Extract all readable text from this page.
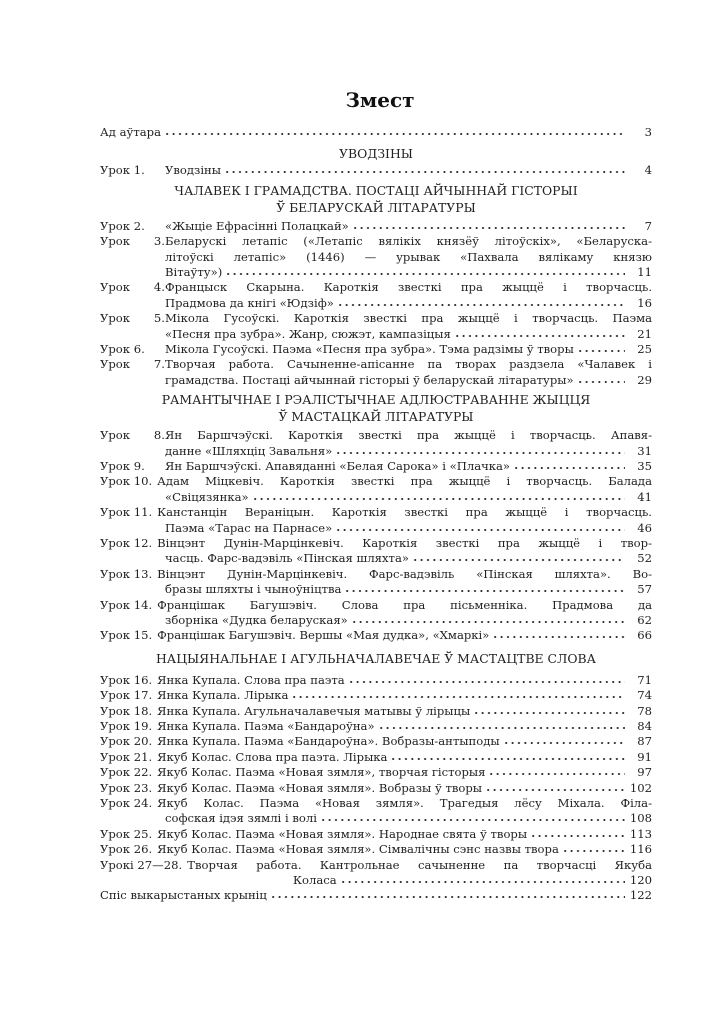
Змест
Ад аўтара	3
УВОДЗІНЫ
Урок 1.	Уводзіны	4
ЧАЛАВЕК І ГРАМАДСТВА. ПОСТАЦІ АЙЧЫННАЙ ГІСТОРЫІ
Ў БЕЛАРУСКАЙ ЛІТАРАТУРЫ
Урок 2.	«Жыціе Ефрасінні Полацкай»	7
Урок 3.Беларускі летапіс («Летапіс вялікіх князёў літоўскіх», «Беларуска-
літоўскі летапіс» (1446) — урывак «Пахвала вялікаму князю
Вітаўту»)	11
Урок 4.Францыск Скарына. Кароткія звесткі пра жыццё і творчасць.
Прадмова да кнігі «Юдзіф»	16
Урок 5.Мікола Гусоўскі. Кароткія звесткі пра жыццё і творчасць. Паэма
«Песня пра зубра». Жанр, сюжэт, кампазіцыя	21
Урок 6.	Мікола Гусоўскі. Паэма «Песня пра зубра». Тэма радзімы ў творы	25
Урок 7.Творчая работа. Сачыненне-апісанне па творах раздзела «Чалавек і
грамадства. Постаці айчыннай гісторыі ў беларускай літаратуры»	29
РАМАНТЫЧНАЕ І РЭАЛІСТЫЧНАЕ АДЛЮСТРАВАННЕ ЖЫЦЦЯ
Ў МАСТАЦКАЙ ЛІТАРАТУРЫ
Урок 8.Ян Баршчэўскі. Кароткія звесткі пра жыццё і творчасць. Апавя-
данне «Шляхціц Завальня»	31
Урок 9.	Ян Баршчэўскі. Апавяданні «Белая Сарока» і «Плачка»	35
Урок 10. Адам Міцкевіч. Кароткія звесткі пра жыццё і творчасць. Балада
«Свіцязянка»	41
Урок 11. Канстанцін Вераніцын. Кароткія звесткі пра жыццё і творчасць.
Паэма «Тарас на Парнасе»	46
Урок 12. Вінцэнт Дунін-Марцінкевіч. Кароткія звесткі пра жыццё і твор-
часць. Фарс-вадэвіль «Пінская шляхта»	52
Урок 13. Вінцэнт Дунін-Марцінкевіч. Фарс-вадэвіль «Пінская шляхта». Во-
бразы шляхты і чыноўніцтва	57
Урок 14. Францішак Багушэвіч. Слова пра пісьменніка. Прадмова да
зборніка «Дудка беларуская»	62
Урок 15. Францішак Багушэвіч. Вершы «Мая дудка», «Хмаркі»	66
НАЦЫЯНАЛЬНАЕ І АГУЛЬНАЧАЛАВЕЧАЕ Ў МАСТАЦТВЕ СЛОВА
Урок 16. Янка Купала. Слова пра паэта	71
Урок 17. Янка Купала. Лірыка	74
Урок 18. Янка Купала. Агульначалавечыя матывы ў лірыцы	78
Урок 19. Янка Купала. Паэма «Бандароўна»	84
Урок 20. Янка Купала. Паэма «Бандароўна». Вобразы-антыподы	87
Урок 21. Якуб Колас. Слова пра паэта. Лірыка	91
Урок 22. Якуб Колас. Паэма «Новая зямля», творчая гісторыя	97
Урок 23. Якуб Колас. Паэма «Новая зямля». Вобразы ў творы	102
Урок 24. Якуб Колас. Паэма «Новая зямля». Трагедыя лёсу Міхала. Філа-
софская ідэя зямлі і волі	108
Урок 25. Якуб Колас. Паэма «Новая зямля». Народнае свята ў творы	113
Урок 26. Якуб Колас. Паэма «Новая зямля». Сімвалічны сэнс назвы твора	116
Урокі 27—28. Творчая работа. Кантрольнае сачыненне па творчасці Якуба
Коласа	120
Спіс выкарыстаных крыніц	122
